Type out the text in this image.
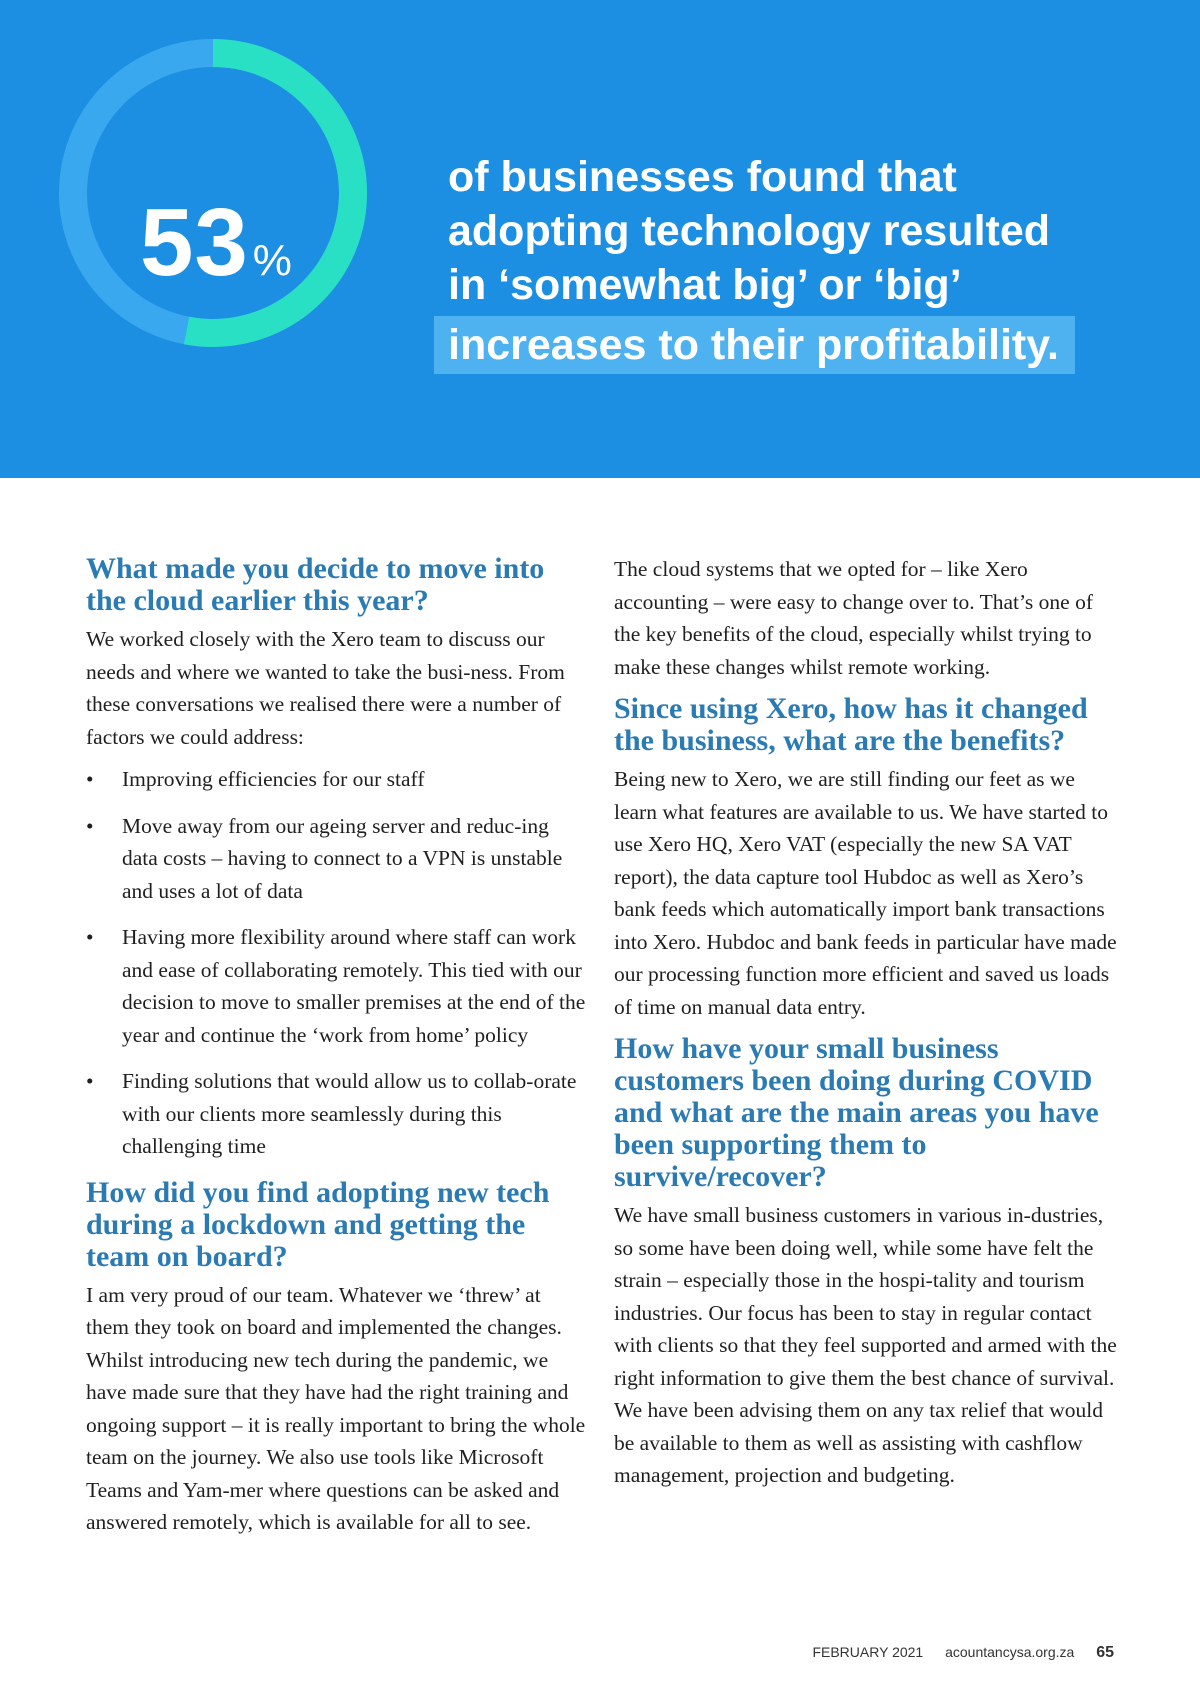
53%
of businesses found that
adopting technology resulted
in ‘somewhat big’ or ‘big’
increases to their profitability.
What made you decide to move into the cloud earlier this year?

We worked closely with the Xero team to discuss our needs and where we wanted to take the busi-ness. From these conversations we realised there were a number of factors we could address:

• Improving efficiencies for our staff
• Move away from our ageing server and reduc-ing data costs – having to connect to a VPN is unstable and uses a lot of data
• Having more flexibility around where staff can work and ease of collaborating remotely. This tied with our decision to move to smaller premises at the end of the year and continue the ‘work from home’ policy
• Finding solutions that would allow us to collab-orate with our clients more seamlessly during this challenging time
How did you find adopting new tech during a lockdown and getting the team on board?

I am very proud of our team. Whatever we ‘threw’ at them they took on board and implemented the changes. Whilst introducing new tech during the pandemic, we have made sure that they have had the right training and ongoing support – it is really important to bring the whole team on the journey. We also use tools like Microsoft Teams and Yam-mer where questions can be asked and answered remotely, which is available for all to see.

The cloud systems that we opted for – like Xero accounting – were easy to change over to. That’s one of the key benefits of the cloud, especially whilst trying to make these changes whilst remote working.

Since using Xero, how has it changed the business, what are the benefits?

Being new to Xero, we are still finding our feet as we learn what features are available to us. We have started to use Xero HQ, Xero VAT (especially the new SA VAT report), the data capture tool Hubdoc as well as Xero’s bank feeds which automatically import bank transactions into Xero. Hubdoc and bank feeds in particular have made our processing function more efficient and saved us loads of time on manual data entry.

How have your small business customers been doing during COVID and what are the main areas you have been supporting them to survive/recover?

We have small business customers in various in-dustries, so some have been doing well, while some have felt the strain – especially those in the hospi-tality and tourism industries. Our focus has been to stay in regular contact with clients so that they feel supported and armed with the right information to give them the best chance of survival. We have been advising them on any tax relief that would be available to them as well as assisting with cashflow management, projection and budgeting.

FEBRUARY 2021 acountancysa.org.za 65
